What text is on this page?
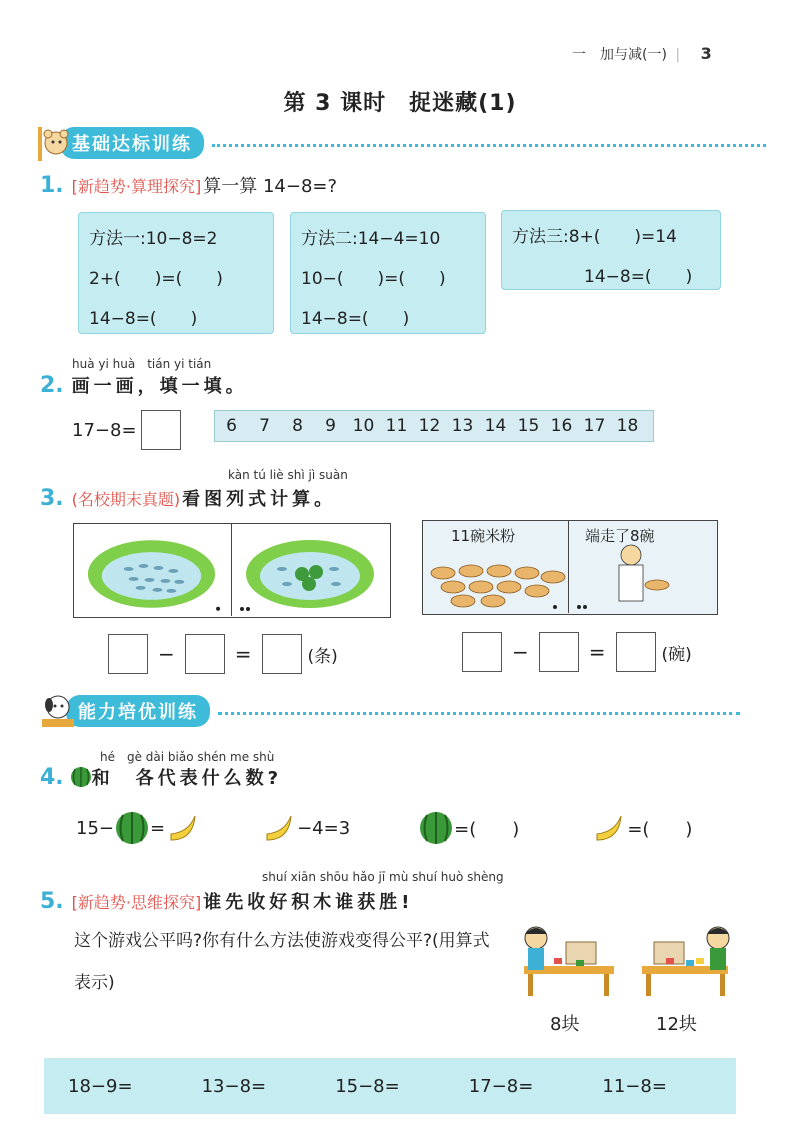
一　加与减(一) | 3
第 3 课时　捉迷藏(1)
基础达标训练
1. [新趋势·算理探究] 算一算 14−8=?
方法一:10−8=2
2+(　　)=(　　)
14−8=(　　)
方法二:14−4=10
10−(　　)=(　　)
14−8=(　　)
方法三:8+(　　)=14
14−8=(　　)
huà yi huà　tián yi tián
2. 画一画，填一填。
17−8=	6	7	8	9 10 11 12 13 14 15 16 17 18
kàn tú liè shì jì suàn
3. (名校期末真题) 看图列式计算。
11碗米粉	端走了8碗
−	=	(条)	−	=	(碗)
能力培优训练
hé　gè dài biǎo shén me shù
4. 和　各代表什么数?
15− =	−4=3	=(　　)	=(　　)
shuí xiān shōu hǎo jī mù shuí huò shèng
5. [新趋势·思维探究] 谁先收好积木谁获胜!
这个游戏公平吗?你有什么方法使游戏变得公平?(用算式表示)
8块	12块
18−9=	13−8=	15−8=	17−8=	11−8=
